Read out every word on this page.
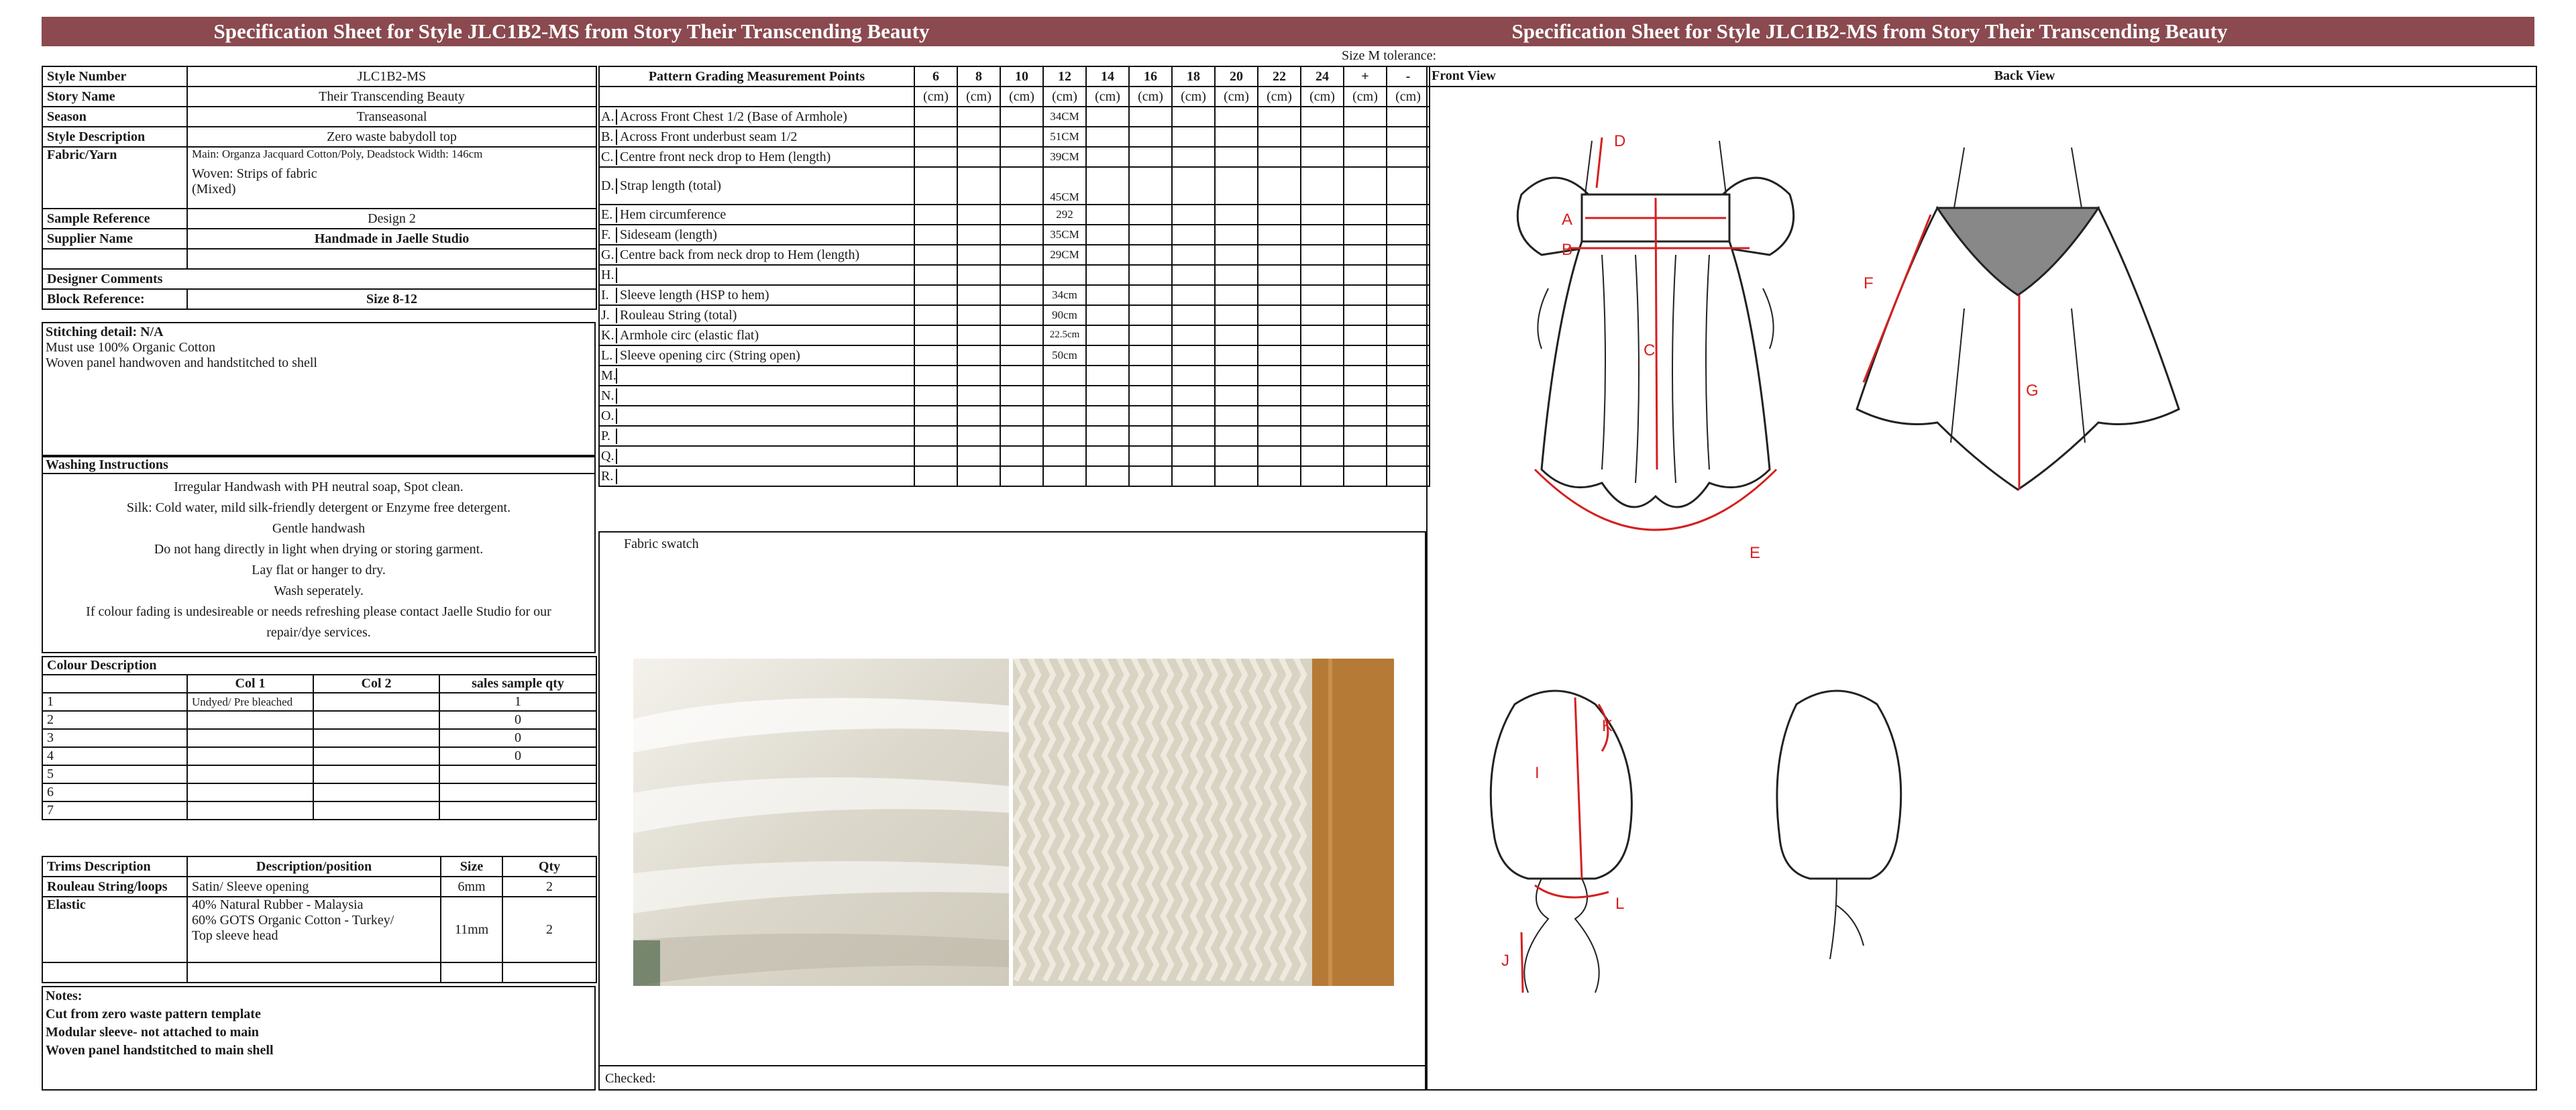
Specification Sheet for Style JLC1B2-MS from Story Their Transcending Beauty	Specification Sheet for Style JLC1B2-MS from Story Their Transcending Beauty
Size M tolerance:
Style Number	JLC1B2-MS
Story Name	Their Transcending Beauty
Season	Transeasonal
Style Description	Zero waste babydoll top
Fabric/Yarn	Main: Organza Jacquard Cotton/Poly, Deadstock Width: 146cm
Woven: Strips of fabric
(Mixed)

Sample Reference	Design 2
Supplier Name	Handmade in Jaelle Studio

Designer Comments	
Block Reference:	Size 8-12
Stitching detail: N/A
Must use 100% Organic Cotton
Woven panel handwoven and handstitched to shell
Washing Instructions
Irregular Handwash with PH neutral soap, Spot clean.
Silk: Cold water, mild silk-friendly detergent or Enzyme free detergent.
Gentle handwash
Do not hang directly in light when drying or storing garment.
Lay flat or hanger to dry.
Wash seperately.
If colour fading is undesireable or needs refreshing please contact Jaelle Studio for our
repair/dye services.
Colour Description			
	Col 1	Col 2	sales sample qty
1	Undyed/ Pre bleached		1
2			0
3			0
4			0
5			
6			
7			
Trims Description	Description/position	Size	Qty
Rouleau String/loops	Satin/ Sleeve opening	6mm	2
Elastic	40% Natural Rubber - Malaysia
60% GOTS Organic Cotton - Turkey/
Top sleeve head	11mm	2

Notes:
Cut from zero waste pattern template
Modular sleeve- not attached to main
Woven panel handstitched to main shell
Pattern Grading Measurement Points	6	8	10	12	14	16	18	20	22	24	+	-
	(cm)	(cm)	(cm)	(cm)	(cm)	(cm)	(cm)	(cm)	(cm)	(cm)	(cm)	(cm)
A. Across Front Chest 1/2 (Base of Armhole)				34CM								
B. Across Front underbust seam 1/2				51CM								
C. Centre front neck drop to Hem (length)				39CM								
D. Strap length (total)				45CM								
E. Hem circumference				292								
F. Sideseam (length)				35CM								
G. Centre back from neck drop to Hem (length)				29CM								
H.												
I. Sleeve length (HSP to hem)				34cm								
J. Rouleau String (total)				90cm								
K. Armhole circ (elastic flat)				22.5cm								
L. Sleeve opening circ (String open)				50cm								
M.												
N.												
O.												
P.												
Q.												
R.												
Fabric swatch
Checked:
Front View	Back View
A
B
C
D
E
F
G
K
I
J
L
